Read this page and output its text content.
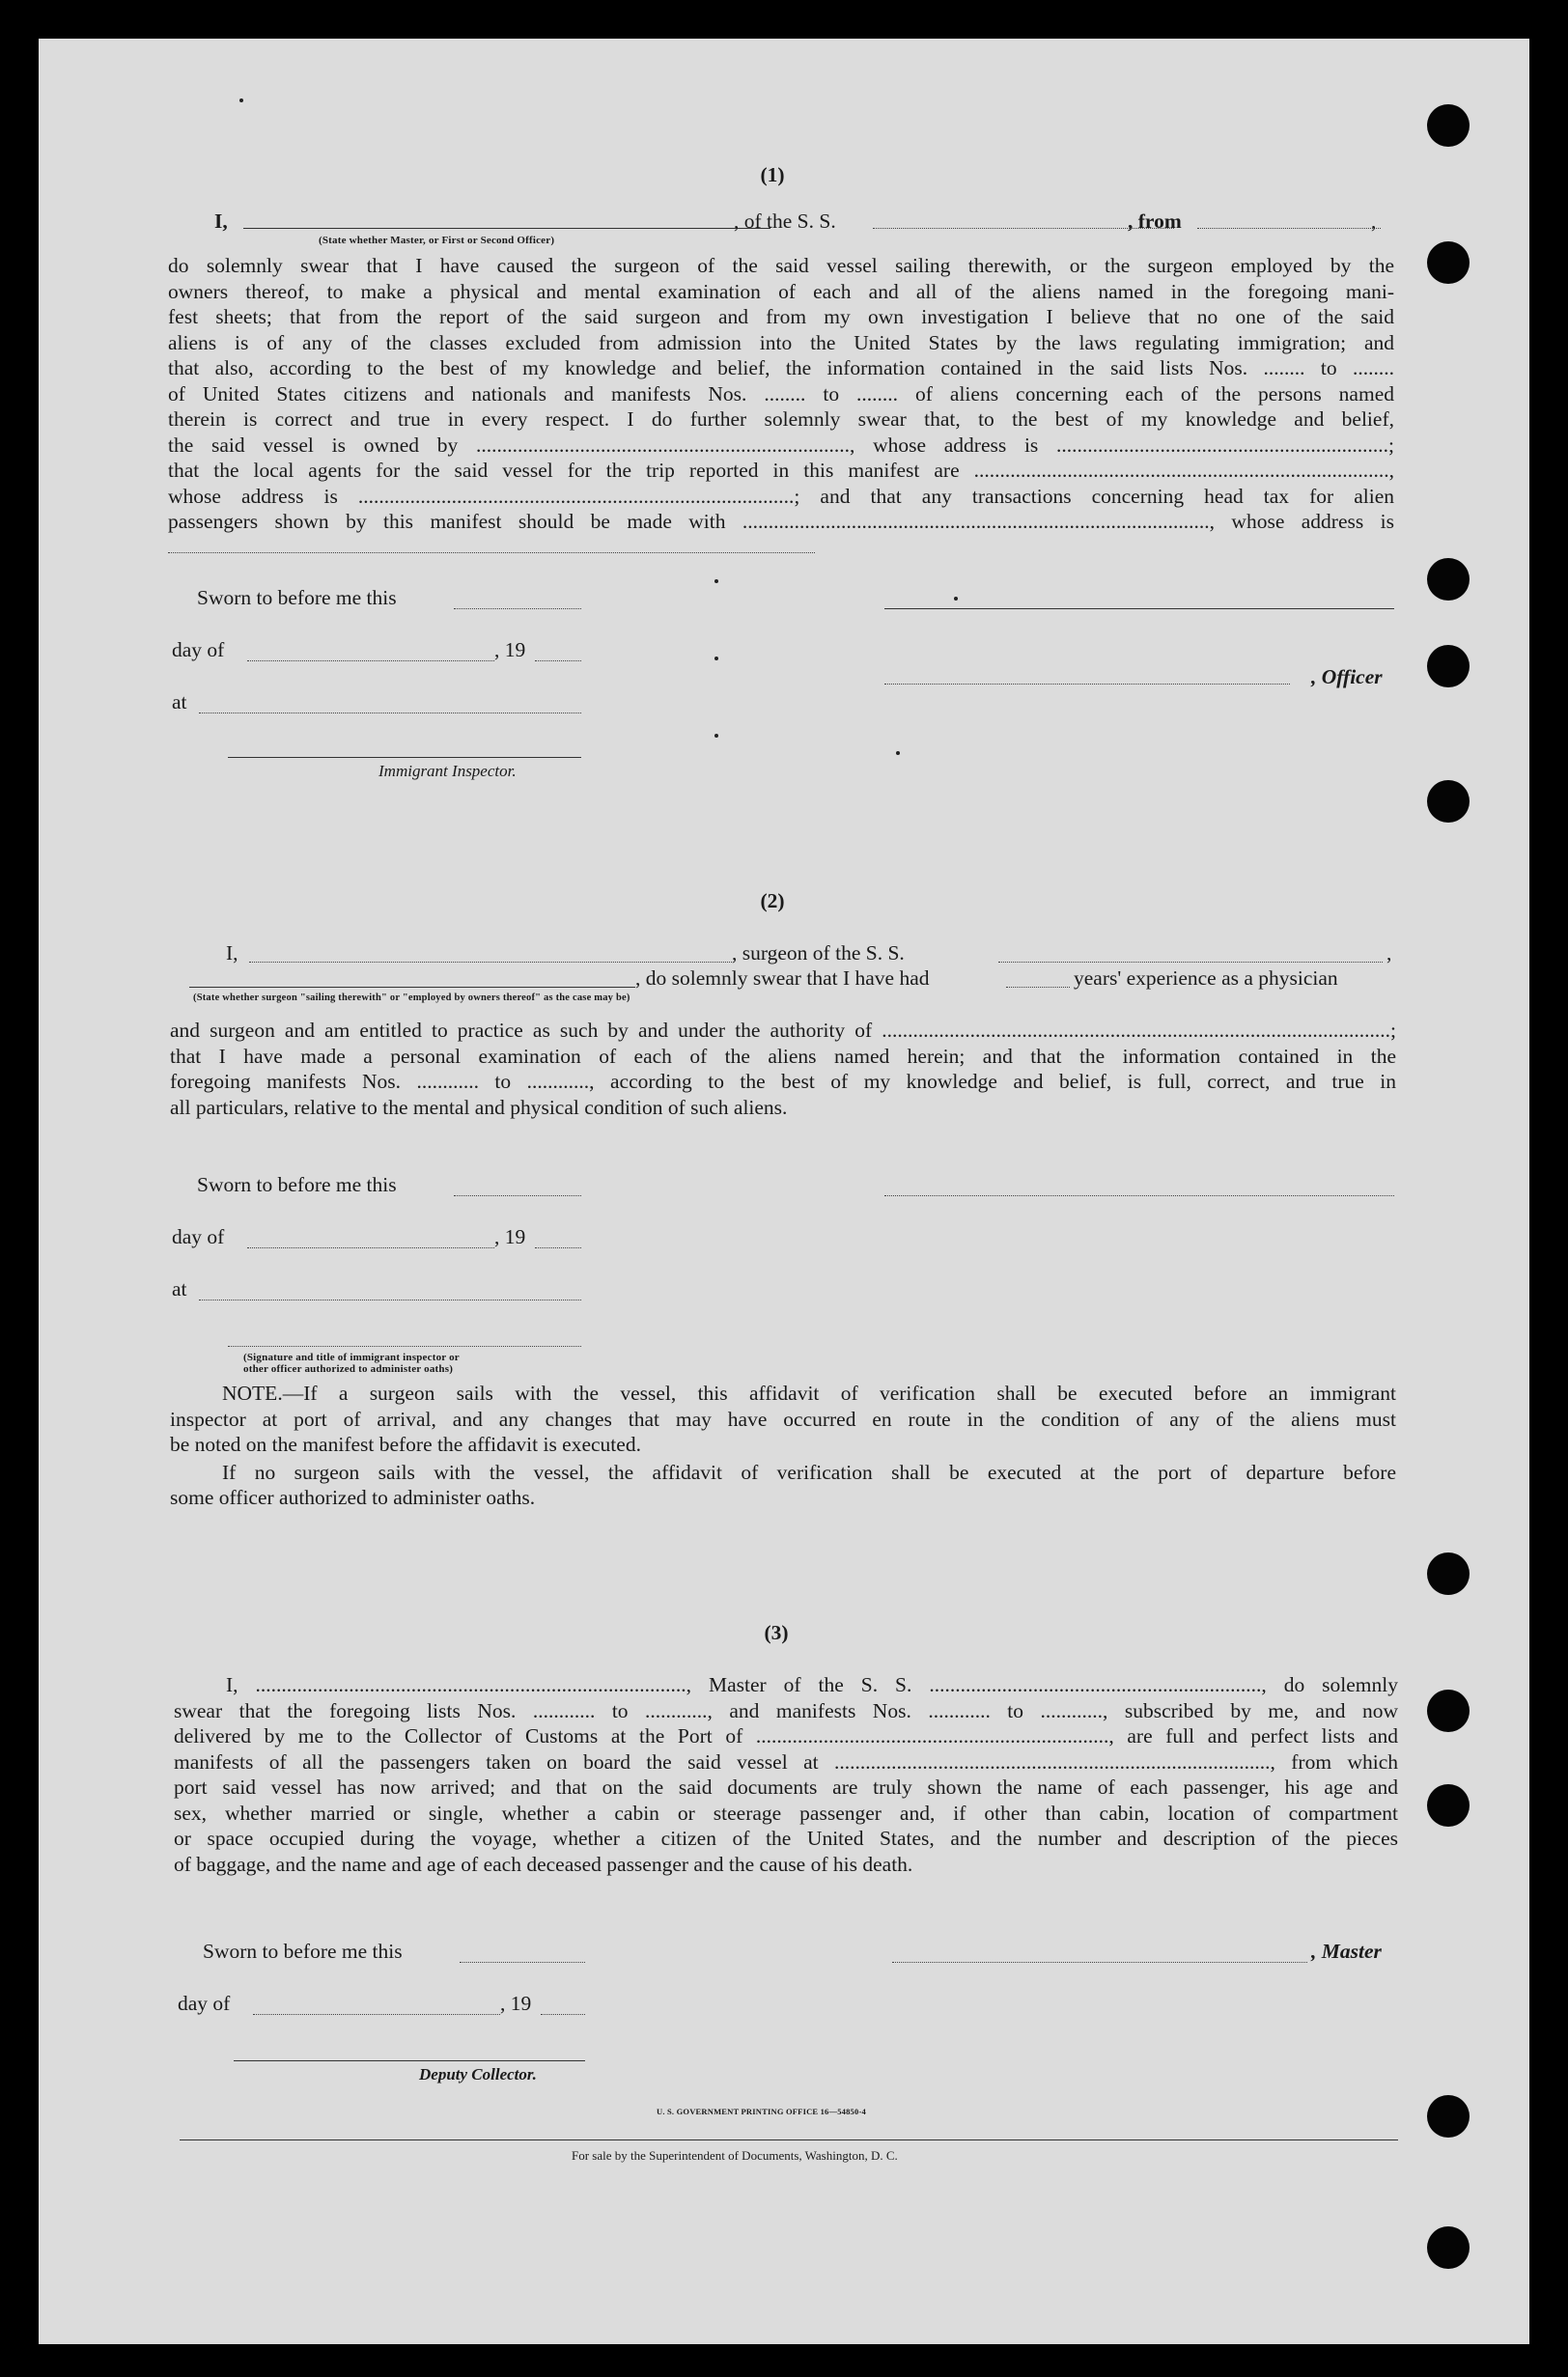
(1)
I,	, of the S. S.	, from	,
(State whether Master, or First or Second Officer)
do solemnly swear that I have caused the surgeon of the said vessel sailing therewith, or the surgeon employed by the
owners thereof, to make a physical and mental examination of each and all of the aliens named in the foregoing mani-
fest sheets; that from the report of the said surgeon and from my own investigation I believe that no one of the said
aliens is of any of the classes excluded from admission into the United States by the laws regulating immigration; and
that also, according to the best of my knowledge and belief, the information contained in the said lists Nos. ........ to ........
of United States citizens and nationals and manifests Nos. ........ to ........ of aliens concerning each of the persons named
therein is correct and true in every respect. I do further solemnly swear that, to the best of my knowledge and belief,
the said vessel is owned by ........................................................................, whose address is ................................................................;
that the local agents for the said vessel for the trip reported in this manifest are ................................................................................,
whose address is ....................................................................................; and that any transactions concerning head tax for alien
passengers shown by this manifest should be made with .........................................................................................., whose address is
Sworn to before me this
day of	, 19
, Officer
at
Immigrant Inspector.
(2)
I,	, surgeon of the S. S.	,
, do solemnly swear that I have had	years' experience as a physician
(State whether surgeon "sailing therewith" or "employed by owners thereof" as the case may be)
and surgeon and am entitled to practice as such by and under the authority of ..................................................................................................;
that I have made a personal examination of each of the aliens named herein; and that the information contained in the
foregoing manifests Nos. ............ to ............, according to the best of my knowledge and belief, is full, correct, and true in
all particulars, relative to the mental and physical condition of such aliens.
Sworn to before me this
day of	, 19
at
(Signature and title of immigrant inspector or
other officer authorized to administer oaths)
NOTE.—If a surgeon sails with the vessel, this affidavit of verification shall be executed before an immigrant
inspector at port of arrival, and any changes that may have occurred en route in the condition of any of the aliens must
be noted on the manifest before the affidavit is executed.
If no surgeon sails with the vessel, the affidavit of verification shall be executed at the port of departure before
some officer authorized to administer oaths.
(3)
I, ..................................................................................., Master of the S. S. ................................................................, do solemnly
swear that the foregoing lists Nos. ............ to ............, and manifests Nos. ............ to ............, subscribed by me, and now
delivered by me to the Collector of Customs at the Port of ...................................................................., are full and perfect lists and
manifests of all the passengers taken on board the said vessel at ...................................................................................., from which
port said vessel has now arrived; and that on the said documents are truly shown the name of each passenger, his age and
sex, whether married or single, whether a cabin or steerage passenger and, if other than cabin, location of compartment
or space occupied during the voyage, whether a citizen of the United States, and the number and description of the pieces
of baggage, and the name and age of each deceased passenger and the cause of his death.
Sworn to before me this	, Master
day of	, 19
Deputy Collector.
U. S. GOVERNMENT PRINTING OFFICE 16—54850-4
For sale by the Superintendent of Documents, Washington, D. C.
